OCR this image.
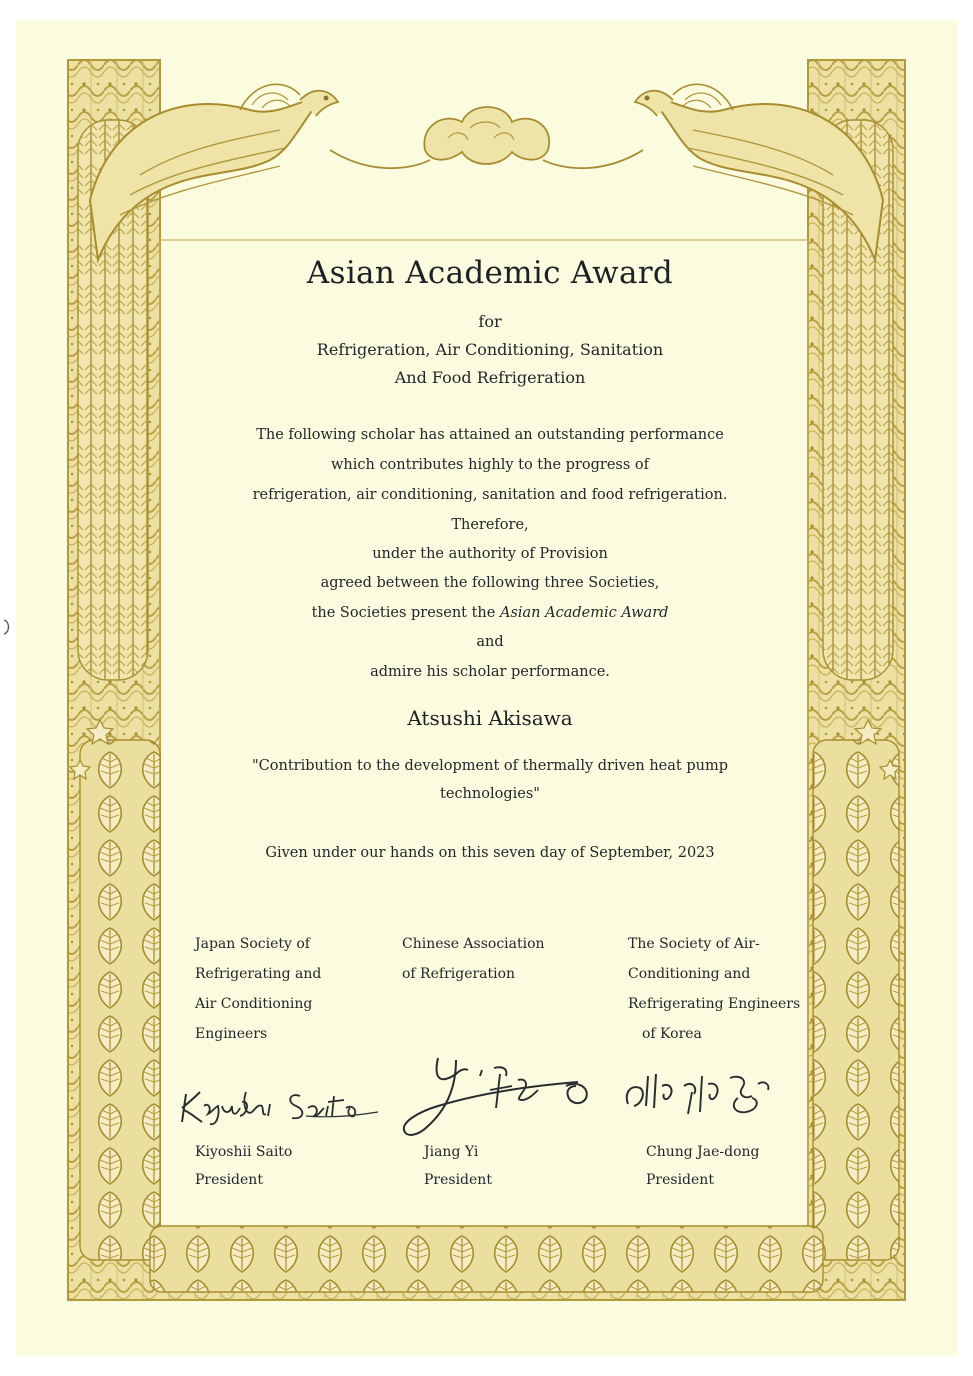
Asian Academic Award
for
Refrigeration, Air Conditioning, Sanitation
And Food Refrigeration
The following scholar has attained an outstanding performance
which contributes highly to the progress of
refrigeration, air conditioning, sanitation and food refrigeration.
Therefore,
under the authority of Provision
agreed between the following three Societies,
the Societies present the Asian Academic Award
and
admire his scholar performance.
Atsushi Akisawa
"Contribution to the development of thermally driven heat pump
technologies"
Given under our hands on this seven day of September, 2023
Japan Society of
Refrigerating and
Air Conditioning
Engineers
Chinese Association
of Refrigeration
The Society of Air-
Conditioning and
Refrigerating Engineers
of Korea
Kiyoshii Saito
President
Jiang Yi
President
Chung Jae-dong
President
